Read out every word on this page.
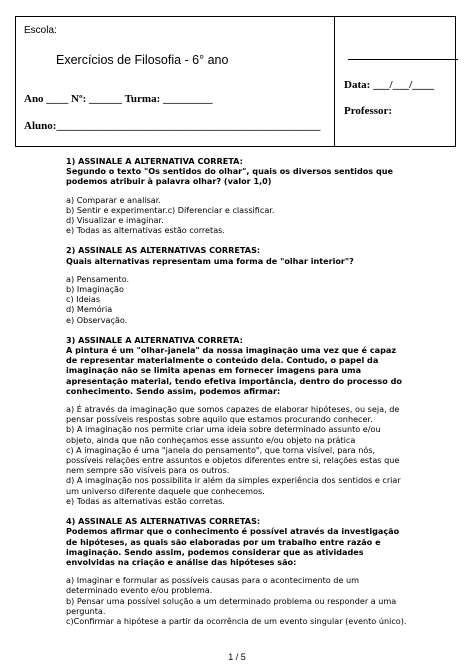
Escola:
Exercícios de Filosofia - 6° ano
Ano ____ Nº: ______ Turma: _________
Aluno:________________________________________________
Data: ___/___/____
Professor:

1) ASSINALE A ALTERNATIVA CORRETA:

Segundo o texto "Os sentidos do olhar", quais os diversos sentidos que podemos atribuir à palavra olhar? (valor 1,0)

a) Comparar e analisar.

b) Sentir e experimentar.c) Diferenciar e classificar.

d) Visualizar e imaginar.

e) Todas as alternativas estão corretas.

2) ASSINALE AS ALTERNATIVAS CORRETAS:

Quais alternativas representam uma forma de "olhar interior"?

a) Pensamento.

b) Imaginação

c) Ideias

d) Memória

e) Observação.

3) ASSINALE A ALTERNATIVA CORRETA:

A pintura é um "olhar-janela" da nossa imaginação uma vez que é capaz de representar materialmente o conteúdo dela. Contudo, o papel da imaginação não se limita apenas em fornecer imagens para uma apresentação material, tendo efetiva importância, dentro do processo do conhecimento. Sendo assim, podemos afirmar:

a) É através da imaginação que somos capazes de elaborar hipóteses, ou seja, de pensar possíveis respostas sobre aquilo que estamos procurando conhecer.

b) A imaginação nos permite criar uma ideia sobre determinado assunto e/ou objeto, ainda que não conheçamos esse assunto e/ou objeto na prática

c) A imaginação é uma "janela do pensamento", que torna visível, para nós, possíveis relações entre assuntos e objetos diferentes entre si, relações estas que nem sempre são visíveis para os outros.

d) A imaginação nos possibilita ir além da simples experiência dos sentidos e criar um universo diferente daquele que conhecemos.

e) Todas as alternativas estão corretas.

4) ASSINALE AS ALTERNATIVAS CORRETAS:

Podemos afirmar que o conhecimento é possível através da investigação de hipóteses, as quais são elaboradas por um trabalho entre razão e imaginação. Sendo assim, podemos considerar que as atividades envolvidas na criação e análise das hipóteses são:

a) Imaginar e formular as possíveis causas para o acontecimento de um determinado evento e/ou problema.

b) Pensar uma possível solução a um determinado problema ou responder a uma pergunta.

c)Confirmar a hipótese a partir da ocorrência de um evento singular (evento único).

1 / 5
